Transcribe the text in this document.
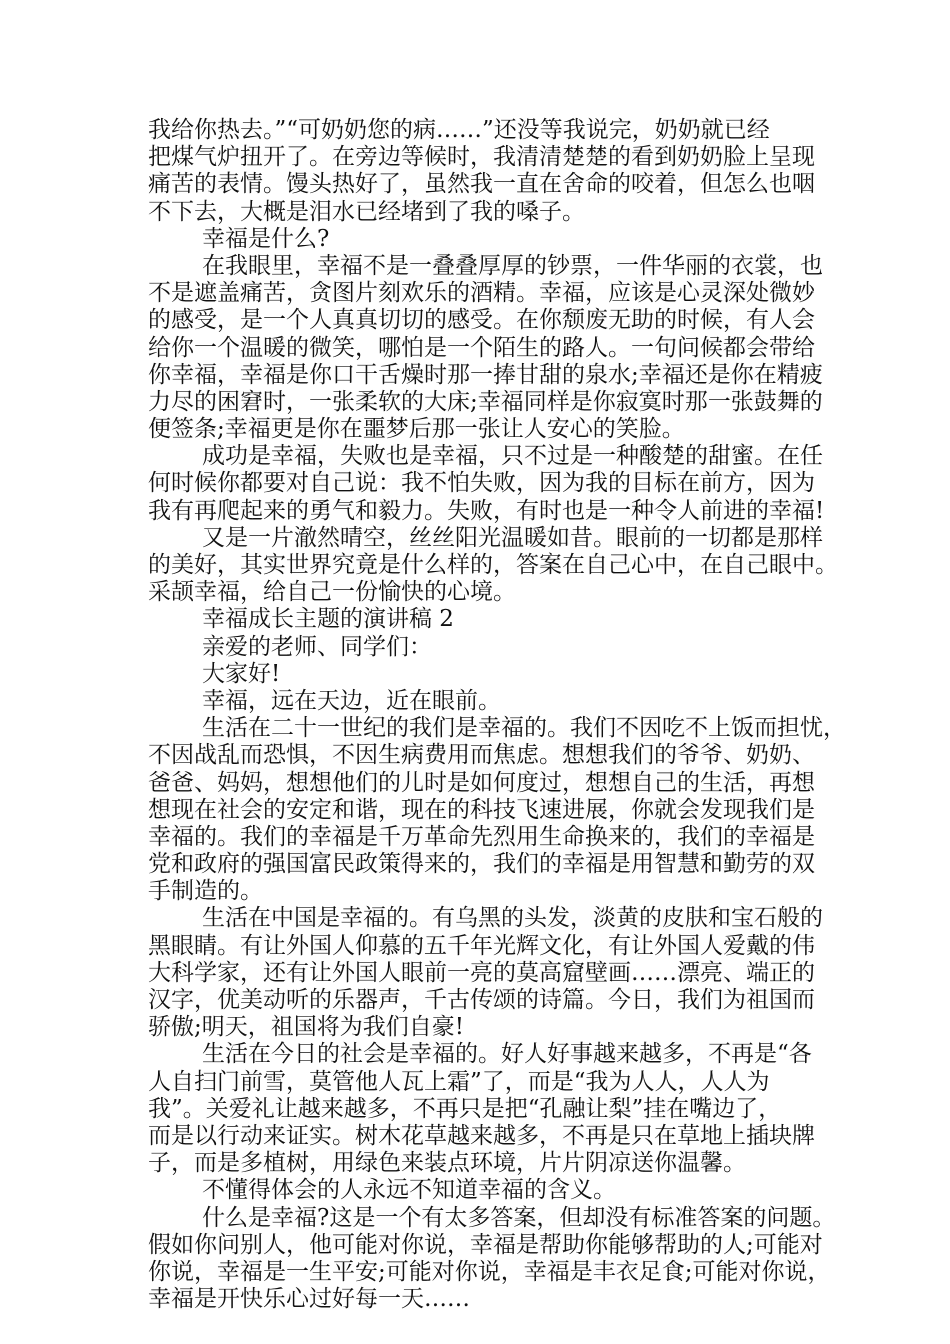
我给你热去。”“可奶奶您的病……”还没等我说完，奶奶就已经
把煤气炉扭开了。在旁边等候时，我清清楚楚的看到奶奶脸上呈现
痛苦的表情。馒头热好了，虽然我一直在舍命的咬着，但怎么也咽
不下去，大概是泪水已经堵到了我的嗓子。
幸福是什么?
在我眼里，幸福不是一叠叠厚厚的钞票，一件华丽的衣裳，也
不是遮盖痛苦，贪图片刻欢乐的酒精。幸福，应该是心灵深处微妙
的感受，是一个人真真切切的感受。在你颓废无助的时候，有人会
给你一个温暖的微笑，哪怕是一个陌生的路人。一句问候都会带给
你幸福，幸福是你口干舌燥时那一捧甘甜的泉水;幸福还是你在精疲
力尽的困窘时，一张柔软的大床;幸福同样是你寂寞时那一张鼓舞的
便签条;幸福更是你在噩梦后那一张让人安心的笑脸。
成功是幸福，失败也是幸福，只不过是一种酸楚的甜蜜。在任
何时候你都要对自己说：我不怕失败，因为我的目标在前方，因为
我有再爬起来的勇气和毅力。失败，有时也是一种令人前进的幸福!
又是一片澈然晴空，丝丝阳光温暖如昔。眼前的一切都是那样
的美好，其实世界究竟是什么样的，答案在自己心中，在自己眼中。
采颉幸福，给自己一份愉快的心境。
幸福成长主题的演讲稿 2
亲爱的老师、同学们：
大家好!
幸福，远在天边，近在眼前。
生活在二十一世纪的我们是幸福的。我们不因吃不上饭而担忧，
不因战乱而恐惧，不因生病费用而焦虑。想想我们的爷爷、奶奶、
爸爸、妈妈，想想他们的儿时是如何度过，想想自己的生活，再想
想现在社会的安定和谐，现在的科技飞速进展，你就会发现我们是
幸福的。我们的幸福是千万革命先烈用生命换来的，我们的幸福是
党和政府的强国富民政策得来的，我们的幸福是用智慧和勤劳的双
手制造的。
生活在中国是幸福的。有乌黑的头发，淡黄的皮肤和宝石般的
黑眼睛。有让外国人仰慕的五千年光辉文化，有让外国人爱戴的伟
大科学家，还有让外国人眼前一亮的莫高窟壁画……漂亮、端正的
汉字，优美动听的乐器声，千古传颂的诗篇。今日，我们为祖国而
骄傲;明天，祖国将为我们自豪!
生活在今日的社会是幸福的。好人好事越来越多，不再是“各
人自扫门前雪，莫管他人瓦上霜”了，而是“我为人人，人人为
我”。关爱礼让越来越多，不再只是把“孔融让梨”挂在嘴边了，
而是以行动来证实。树木花草越来越多，不再是只在草地上插块牌
子，而是多植树，用绿色来装点环境，片片阴凉送你温馨。
不懂得体会的人永远不知道幸福的含义。
什么是幸福?这是一个有太多答案，但却没有标准答案的问题。
假如你问别人，他可能对你说，幸福是帮助你能够帮助的人;可能对
你说，幸福是一生平安;可能对你说，幸福是丰衣足食;可能对你说，
幸福是开快乐心过好每一天……
